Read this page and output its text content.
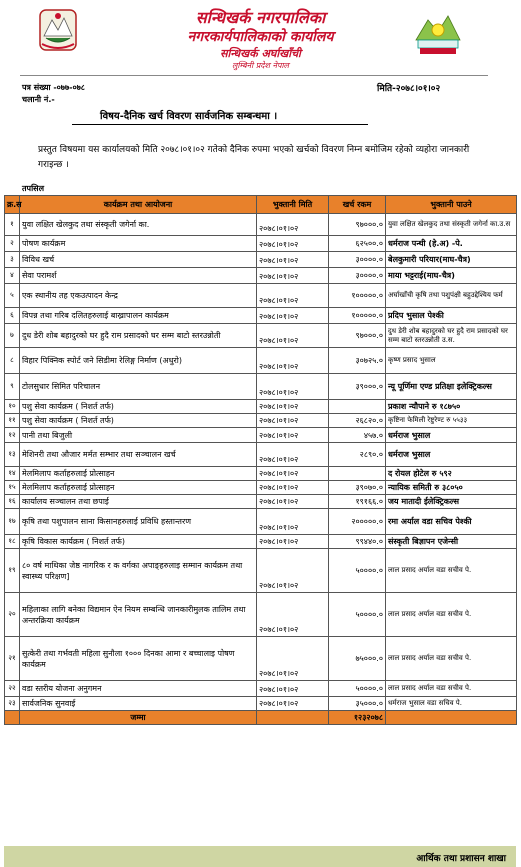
सन्धिखर्क नगरपालिका
नगरकार्यपालिकाको कार्यालय
सन्धिखर्क अर्घाखाँची
लुम्बिनी प्रदेश नेपाल
पत्र संख्या -०७७-०७८
चलानी नं.-
मिति-२०७८।०१।०२
विषय-दैनिक खर्च विवरण सार्वजनिक सम्बन्धमा ।
प्रस्तुत विषयमा यस कार्यालयको मिति २०७८।०१।०२ गतेको दैनिक रुपमा भएको खर्चको विवरण निम्न बमोजिम रहेको व्यहोरा जानकारी गराइन्छ ।
तपसिल
क्र.स	कार्यक्रम तथा आयोजना	भुक्तानी मिति	खर्च रकम	भुक्तानी पाउने
१	युवा लक्षित खेलकुद तथा संस्कृती जगेर्ना का.	२०७८।०१।०२	९७०००.०	युवा लक्षित खेलकुद तथा संस्कृती जगेर्ना का.उ.स
२	पोषण कार्यक्रम	२०७८।०१।०२	६२५००.०	धर्मराज पन्थी (हे.अ) -पे.
३	विविध खर्च	२०७८।०१।०२	३००००.०	बेलकुमारी परियार(माघ-चैत्र)
४	सेवा परामर्श	२०७८।०१।०२	३००००.०	माया भट्टराई(माघ-चैत्र)
५	एक स्थानीय तह एकउत्पादन केन्द्र	२०७८।०१।०२	१०००००.०	अर्घाखाँची कृषि तथा पशुपंक्षी बहुउद्देश्यिय फर्म
६	विपन्न तथा गरिब दलितहरुलाई बाख्रापालन कार्यक्रम	२०७८।०१।०२	१०००००.०	प्रदिप भुसाल पेश्की
७	दुध डेरी शोब बहादुरको घर हुदै राम प्रसादको घर सम्म बाटो स्तरउन्नोती	२०७८।०१।०२	९७०००.०	दुध डेरी शोब बहादुरको घर हुदै राम प्रसादको घर सम्म बाटो स्तरउन्नोती उ.स.
८	विहार पिक्निक स्पोर्ट जने सिडीमा रेलिङ्ग निर्माण (अधुरो)	२०७८।०१।०२	३०७२५.०	कृष्ण प्रसाद भुसाल
९	टोलसुधार सिमित परिचालन	२०७८।०१।०२	३९०००.०	न्यू पूर्णिमा एण्ड प्रतिक्षा इलेक्ट्रिकल्स
१०	पशु सेवा कार्यक्रम ( निशर्त तर्फ)	२०७८।०१।०२		प्रकाश न्यौपाने रु १८७५०
११	पशु सेवा कार्यक्रम ( निशर्त तर्फ)	२०७८।०१।०२	२६८२०.०	कृष्टिना फेमिली रेष्टुरेण्ट रु ५५३३
१२	पानी तथा बिजुली	२०७८।०१।०२	४५७.०	धर्मराज भुसाल
१३	मेशिनरी तथा औजार मर्मत सम्भार तथा सञ्चालन खर्च	२०७८।०१।०२	२८९०.०	धर्मराज भुसाल
१४	मेलमिलाप कर्ताहरुलाई प्रोत्साहन	२०७८।०१।०२		द रोयल होटेल रु ५९२
१५	मेलमिलाप कर्ताहरुलाई प्रोत्साहन	२०७८।०१।०२	३९०७०.०	न्यायिक समिती रु ३८०५०
१६	कार्यालय सञ्चालन तथा छपाई	२०७८।०१।०२	१९१६६.०	जय मातादी ईलेक्ट्रिकल्स
१७	कृषि तथा पशुपालन साना किसानहरुलाई प्रविधि हस्तान्तरण	२०७८।०१।०२	२०००००.०	रमा अर्याल वडा सचिव पेश्की
१८	कृषि विकास कार्यक्रम ( निशर्त तर्फ)	२०७८।०१।०२	९९४४०.०	संस्कृती बिज्ञापन एजेन्सी
१९	८० वर्ष माथिका जेष्ठ नागरिक र क वर्गका अपाङ्हरुलाइ सम्मान कार्यक्रम तथा स्वास्थ्य परिक्षण]	२०७८।०१।०२	५००००.०	लाल प्रसाद अर्याल वडा सचीव पे.
२०	महिलाका लागि बनेका विद्यमान ऐन नियम सम्बन्धि जानकारीमुलक तालिम तथा अन्तरक्रिया कार्यक्रम	२०७८।०१।०२	५००००.०	लाल प्रसाद अर्याल वडा सचीव पे.
२१	सुत्केरी तथा गर्भवती महिला सुनौला १००० दिनका आमा र बच्चालाइ पोषण कार्यक्रम	२०७८।०१।०२	७५०००.०	लाल प्रसाद अर्याल वडा सचीव पे.
२२	वडा स्तरीय योजना अनुगमन	२०७८।०१।०२	५००००.०	लाल प्रसाद अर्याल वडा सचीव पे.
२३	सार्वजनिक सुनवाई	२०७८।०१।०२	३५०००.०	धर्मराज भुसाल वडा सचिव पे.
	जम्मा		१२३२०७८	
आर्थिक तथा प्रशासन शाखा
